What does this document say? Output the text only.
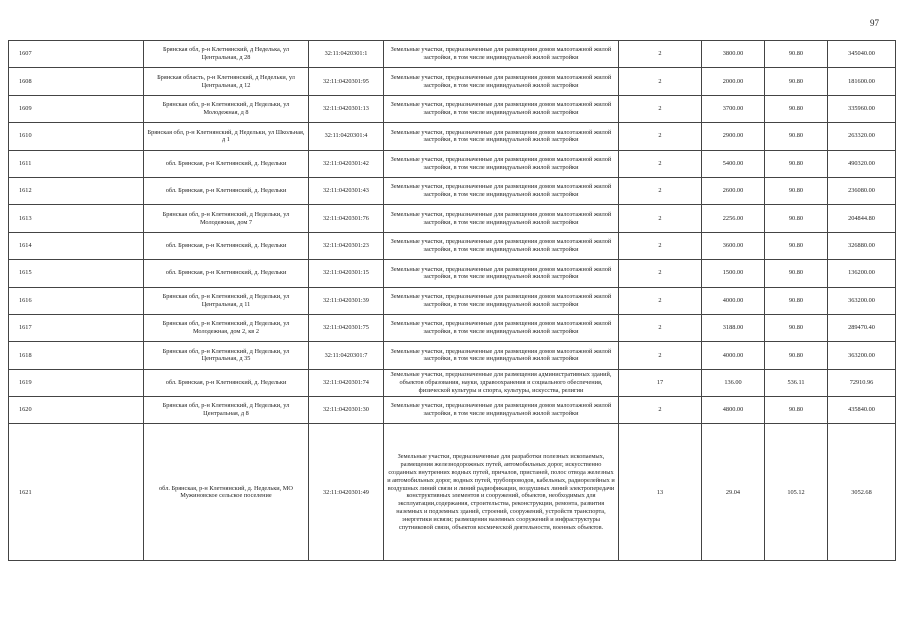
97
1607	Брянская обл, р-н Клетнянский, д Неделька, ул Центральная, д 28	32:11:0420301:1	Земельные участки, предназначенные для размещения домов малоэтажной жилой застройки, в том числе индивидуальной жилой застройки	2	3800.00	90.80	345040.00
1608	Брянская область, р-н Клетнянский, д Недельки, ул Центральная, д 12	32:11:0420301:95	Земельные участки, предназначенные для размещения домов малоэтажной жилой застройки, в том числе индивидуальной жилой застройки	2	2000.00	90.80	181600.00
1609	Брянская обл, р-н Клетнянский, д Недельки, ул Молодежная, д 8	32:11:0420301:13	Земельные участки, предназначенные для размещения домов малоэтажной жилой застройки, в том числе индивидуальной жилой застройки	2	3700.00	90.80	335960.00
1610	Брянская обл, р-н Клетнянский, д Недельки, ул Школьная, д 1	32:11:0420301:4	Земельные участки, предназначенные для размещения домов малоэтажной жилой застройки, в том числе индивидуальной жилой застройки	2	2900.00	90.80	263320.00
1611	обл. Брянская, р-н Клетнянский, д. Недельки	32:11:0420301:42	Земельные участки, предназначенные для размещения домов малоэтажной жилой застройки, в том числе индивидуальной жилой застройки	2	5400.00	90.80	490320.00
1612	обл. Брянская, р-н Клетнянский, д. Недельки	32:11:0420301:43	Земельные участки, предназначенные для размещения домов малоэтажной жилой застройки, в том числе индивидуальной жилой застройки	2	2600.00	90.80	236080.00
1613	Брянская обл, р-н Клетнянский, д Недельки, ул Молодежная, дом 7	32:11:0420301:76	Земельные участки, предназначенные для размещения домов малоэтажной жилой застройки, в том числе индивидуальной жилой застройки	2	2256.00	90.80	204844.80
1614	обл. Брянская, р-н Клетнянский, д. Недельки	32:11:0420301:23	Земельные участки, предназначенные для размещения домов малоэтажной жилой застройки, в том числе индивидуальной жилой застройки	2	3600.00	90.80	326880.00
1615	обл. Брянская, р-н Клетнянский, д. Недельки	32:11:0420301:15	Земельные участки, предназначенные для размещения домов малоэтажной жилой застройки, в том числе индивидуальной жилой застройки	2	1500.00	90.80	136200.00
1616	Брянская обл, р-н Клетнянский, д Недельки, ул Центральная, д 11	32:11:0420301:39	Земельные участки, предназначенные для размещения домов малоэтажной жилой застройки, в том числе индивидуальной жилой застройки	2	4000.00	90.80	363200.00
1617	Брянская обл, р-н Клетнянский, д Недельки, ул Молодежная, дом 2, кв 2	32:11:0420301:75	Земельные участки, предназначенные для размещения домов малоэтажной жилой застройки, в том числе индивидуальной жилой застройки	2	3188.00	90.80	289470.40
1618	Брянская обл, р-н Клетнянский, д Недельки, ул Центральная, д 35	32:11:0420301:7	Земельные участки, предназначенные для размещения домов малоэтажной жилой застройки, в том числе индивидуальной жилой застройки	2	4000.00	90.80	363200.00
1619	обл. Брянская, р-н Клетнянский, д. Недельки	32:11:0420301:74	Земельные участки, предназначенные для размещения административных зданий, объектов образования, науки, здравоохранения и социального обеспечения, физической культуры и спорта, культуры, искусства, религии	17	136.00	536.11	72910.96
1620	Брянская обл, р-н Клетнянский, д Недельки, ул Центральная, д 8	32:11:0420301:30	Земельные участки, предназначенные для размещения домов малоэтажной жилой застройки, в том числе индивидуальной жилой застройки	2	4800.00	90.80	435840.00
1621	обл. Брянская, р-н Клетнянский, д. Недельки, МО Мужиновское сельское поселение	32:11:0420301:49	Земельные участки, предназначенные для разработки полезных ископаемых, размещения железнодорожных путей, автомобильных дорог, искусственно созданных внутренних водных путей, причалов, пристаней, полос отвода железных и автомобильных дорог, водных путей, трубопроводов, кабельных, радиорелейных и воздушных линий связи и линий радиофикации, воздушных линий электропередачи конструктивных элементов и сооружений, объектов, необходимых для эксплуатации,содержания, строительства, реконструкции, ремонта, развития наземных и подземных зданий, строений, сооружений, устройств транспорта, энергетики исвязи; размещения наземных сооружений и инфраструктуры спутниковой связи, объектов космической деятельности, военных объектов.	13	29.04	105.12	3052.68
